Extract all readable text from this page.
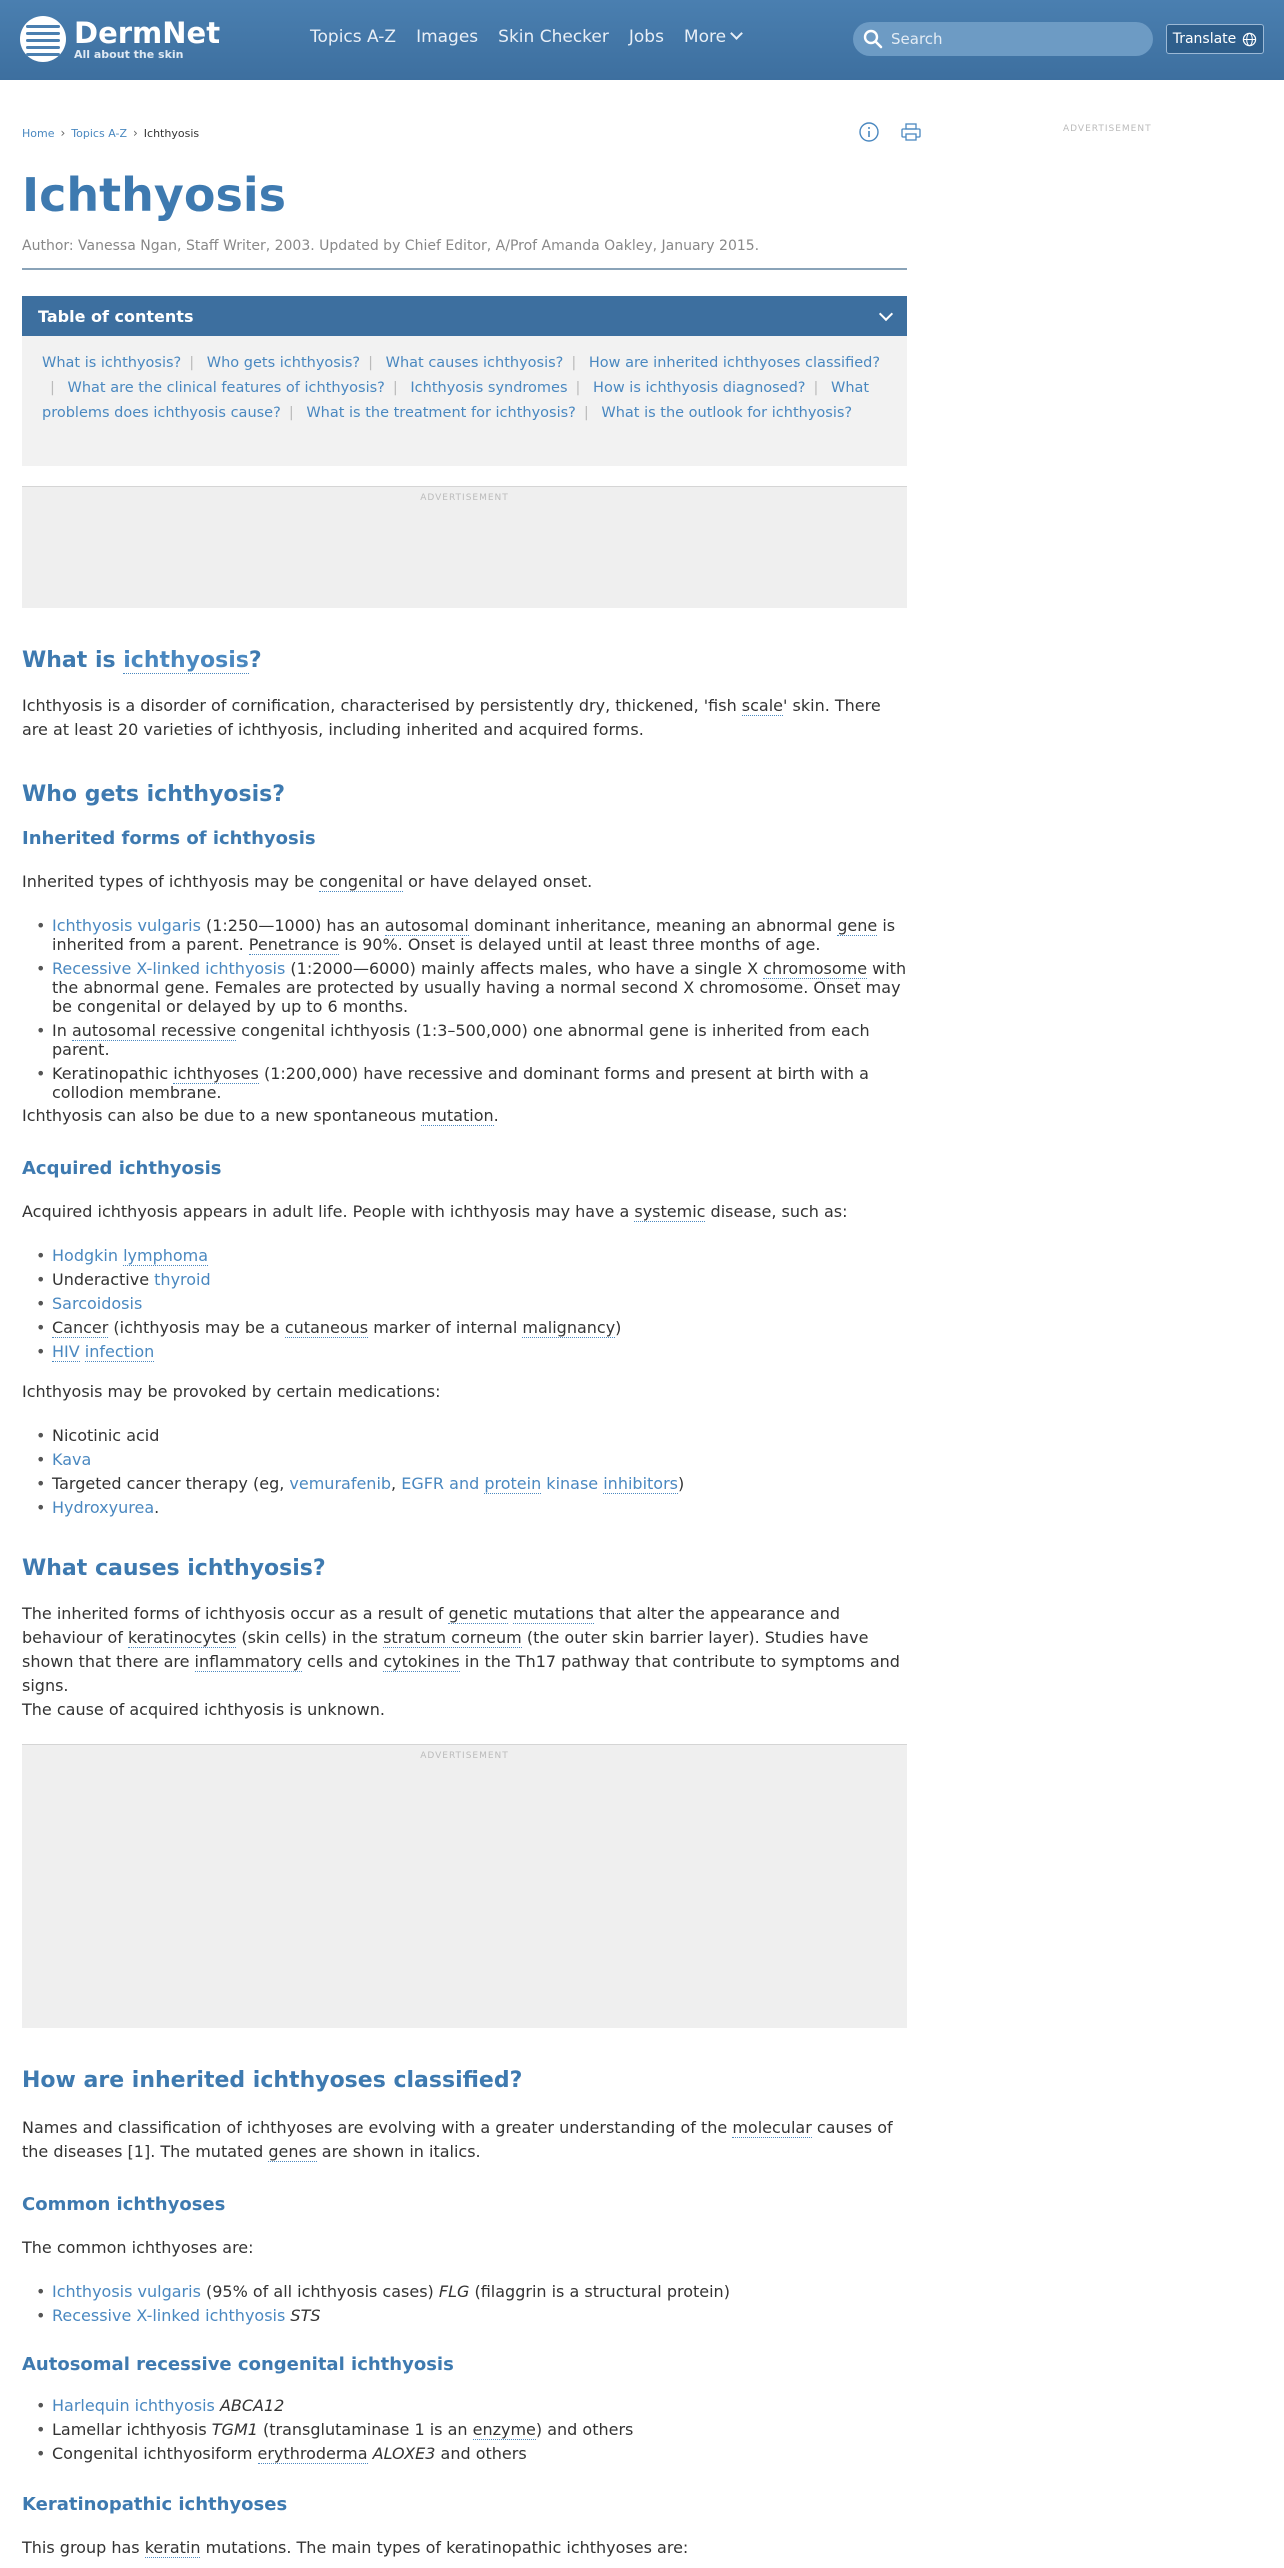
DermNet
All about the skin
Topics A-Z Images Skin Checker Jobs More
Search	Translate
Home › Topics A-Z › Ichthyosis	ADVERTISEMENT
Ichthyosis
Author: Vanessa Ngan, Staff Writer, 2003. Updated by Chief Editor, A/Prof Amanda Oakley, January 2015.
Table of contents
What is ichthyosis? | Who gets ichthyosis? | What causes ichthyosis? | How are inherited ichthyoses classified?| What are the clinical features of ichthyosis? | Ichthyosis syndromes | How is ichthyosis diagnosed? | What problems does ichthyosis cause? | What is the treatment for ichthyosis? | What is the outlook for ichthyosis?
ADVERTISEMENT
What is ichthyosis?

Ichthyosis is a disorder of cornification, characterised by persistently dry, thickened, 'fish scale' skin. There are at least 20 varieties of ichthyosis, including inherited and acquired forms.

Who gets ichthyosis?
Inherited forms of ichthyosis

Inherited types of ichthyosis may be congenital or have delayed onset.

• Ichthyosis vulgaris (1:250—1000) has an autosomal dominant inheritance, meaning an abnormal gene is inherited from a parent. Penetrance is 90%. Onset is delayed until at least three months of age.
• Recessive X-linked ichthyosis (1:2000—6000) mainly affects males, who have a single X chromosome with the abnormal gene. Females are protected by usually having a normal second X chromosome. Onset may be congenital or delayed by up to 6 months.
• In autosomal recessive congenital ichthyosis (1:3–500,000) one abnormal gene is inherited from each parent.
• Keratinopathic ichthyoses (1:200,000) have recessive and dominant forms and present at birth with a collodion membrane.

Ichthyosis can also be due to a new spontaneous mutation.

Acquired ichthyosis

Acquired ichthyosis appears in adult life. People with ichthyosis may have a systemic disease, such as:

• Hodgkin lymphoma
• Underactive thyroid
• Sarcoidosis
• Cancer (ichthyosis may be a cutaneous marker of internal malignancy)
• HIV infection

Ichthyosis may be provoked by certain medications:

• Nicotinic acid
• Kava
• Targeted cancer therapy (eg, vemurafenib, EGFR and protein kinase inhibitors)
• Hydroxyurea.
What causes ichthyosis?

The inherited forms of ichthyosis occur as a result of genetic mutations that alter the appearance and behaviour of keratinocytes (skin cells) in the stratum corneum (the outer skin barrier layer). Studies have shown that there are inflammatory cells and cytokines in the Th17 pathway that contribute to symptoms and signs.

The cause of acquired ichthyosis is unknown.

ADVERTISEMENT
How are inherited ichthyoses classified?

Names and classification of ichthyoses are evolving with a greater understanding of the molecular causes of the diseases [1]. The mutated genes are shown in italics.

Common ichthyoses

The common ichthyoses are:

• Ichthyosis vulgaris (95% of all ichthyosis cases) FLG (filaggrin is a structural protein)
• Recessive X-linked ichthyosis STS
Autosomal recessive congenital ichthyosis
• Harlequin ichthyosis ABCA12
• Lamellar ichthyosis TGM1 (transglutaminase 1 is an enzyme) and others
• Congenital ichthyosiform erythroderma ALOXE3 and others
Keratinopathic ichthyoses

This group has keratin mutations. The main types of keratinopathic ichthyoses are:
